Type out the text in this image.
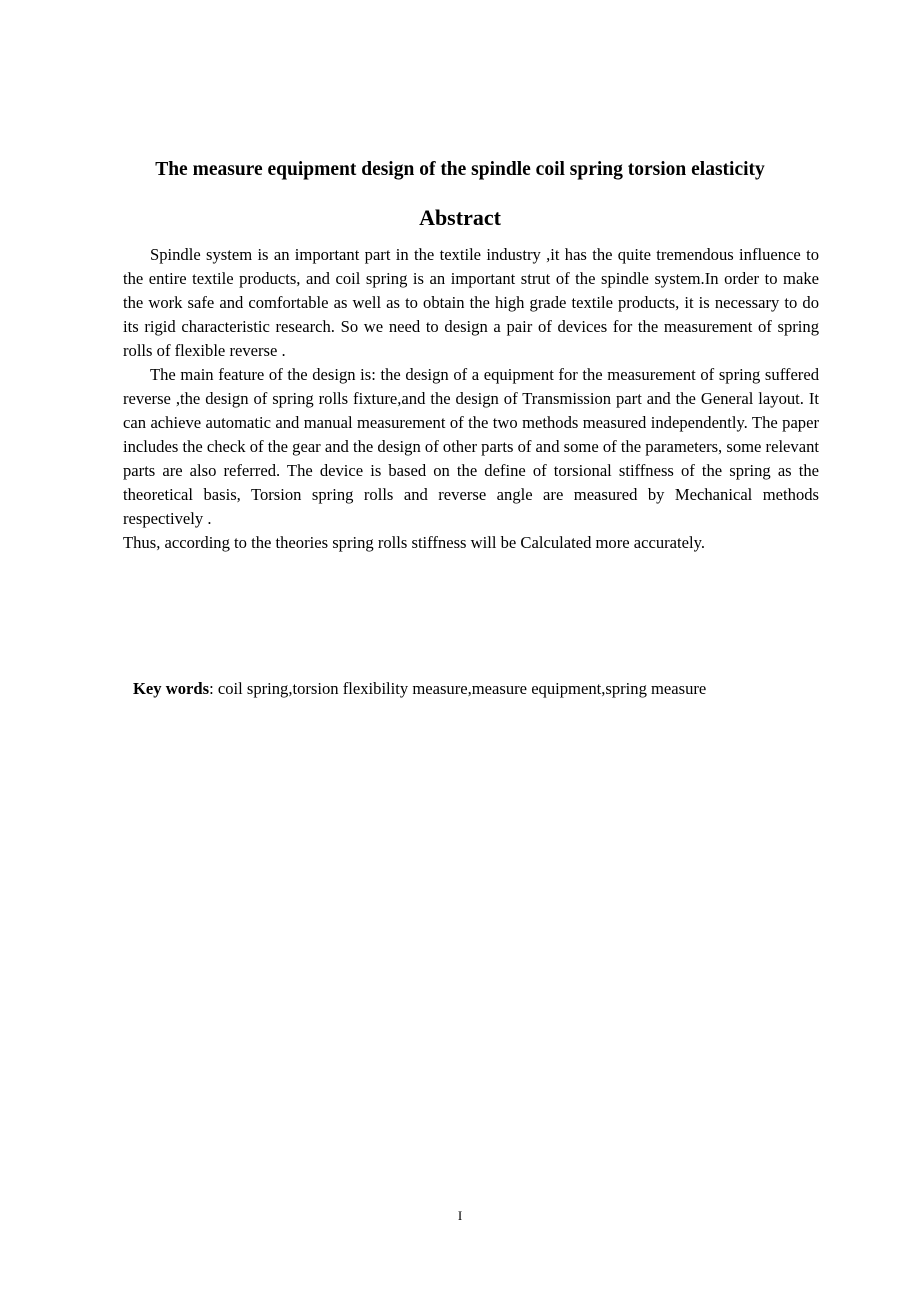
The measure equipment design of the spindle coil spring torsion elasticity
Abstract

Spindle system is an important part in the textile industry ,it has the quite tremendous influence to the entire textile products, and coil spring is an important strut of the spindle system.In order to make the work safe and comfortable as well as to obtain the high grade textile products, it is necessary to do its rigid characteristic research. So we need to design a pair of devices for the measurement of spring rolls of flexible reverse .

The main feature of the design is: the design of a equipment for the measurement of spring suffered reverse ,the design of spring rolls fixture,and the design of Transmission part and the General layout. It can achieve automatic and manual measurement of the two methods measured independently. The paper includes the check of the gear and the design of other parts of and some of the parameters, some relevant parts are also referred. The device is based on the define of torsional stiffness of the spring as the theoretical basis, Torsion spring rolls and reverse angle are measured by Mechanical methods respectively .

Thus, according to the theories spring rolls stiffness will be Calculated more accurately.

Key words: coil spring,torsion flexibility measure,measure equipment,spring measure
I
